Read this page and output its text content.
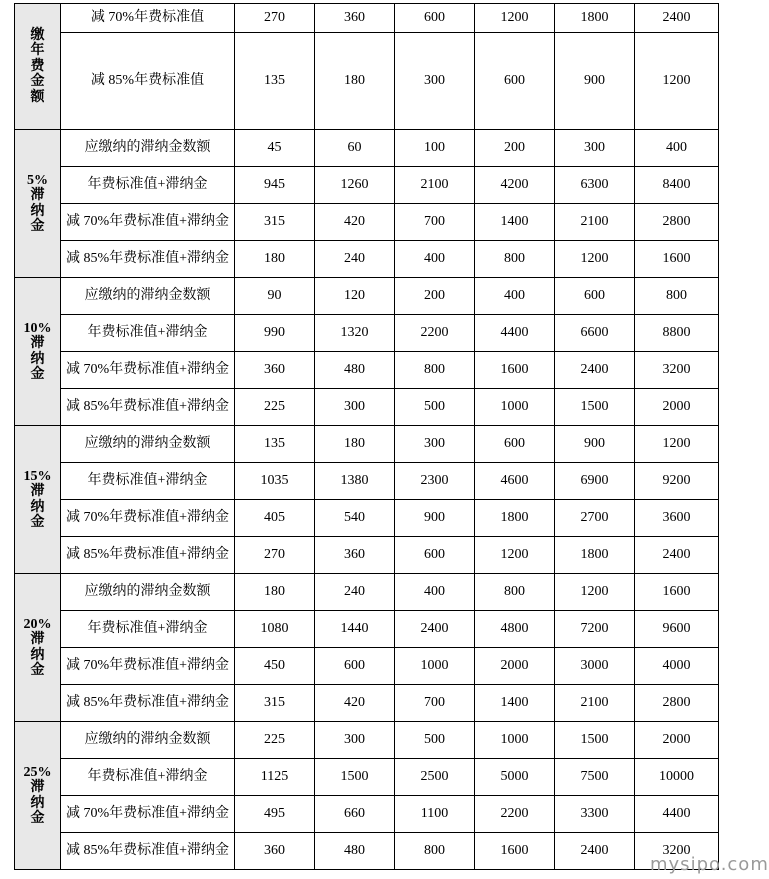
缴
年
费
金
额	减 70%年费标准值	270	360	600	1200	1800	2400
	减 85%年费标准值	135	180	300	600	900	1200

5%
滞
纳
金	应缴纳的滞纳金数额	45	60	100	200	300	400
	年费标准值+滞纳金	945	1260	2100	4200	6300	8400
	减 70%年费标准值+滞纳金	315	420	700	1400	2100	2800
	减 85%年费标准值+滞纳金	180	240	400	800	1200	1600

10%
滞
纳
金	应缴纳的滞纳金数额	90	120	200	400	600	800
	年费标准值+滞纳金	990	1320	2200	4400	6600	8800
	减 70%年费标准值+滞纳金	360	480	800	1600	2400	3200
	减 85%年费标准值+滞纳金	225	300	500	1000	1500	2000

15%
滞
纳
金	应缴纳的滞纳金数额	135	180	300	600	900	1200
	年费标准值+滞纳金	1035	1380	2300	4600	6900	9200
	减 70%年费标准值+滞纳金	405	540	900	1800	2700	3600
	减 85%年费标准值+滞纳金	270	360	600	1200	1800	2400

20%
滞
纳
金	应缴纳的滞纳金数额	180	240	400	800	1200	1600
	年费标准值+滞纳金	1080	1440	2400	4800	7200	9600
	减 70%年费标准值+滞纳金	450	600	1000	2000	3000	4000
	减 85%年费标准值+滞纳金	315	420	700	1400	2100	2800

25%
滞
纳
金	应缴纳的滞纳金数额	225	300	500	1000	1500	2000
	年费标准值+滞纳金	1125	1500	2500	5000	7500	10000
	减 70%年费标准值+滞纳金	495	660	1100	2200	3300	4400
	减 85%年费标准值+滞纳金	360	480	800	1600	2400	3200
mysipo.com
